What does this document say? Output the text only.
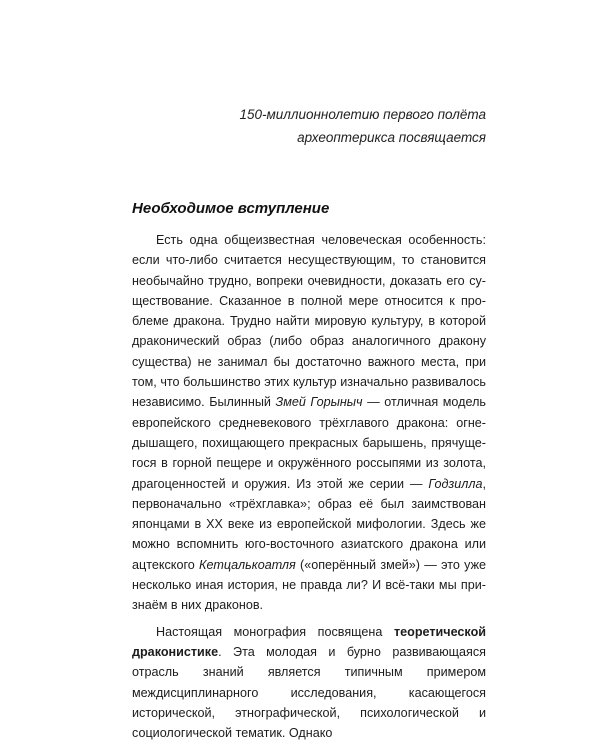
150-миллионнолетию первого полёта
археоптерикса посвящается
Необходимое вступление

Есть одна общеизвестная человеческая особенность: если что-либо считается несуществующим, то становится необычайно трудно, вопреки очевидности, доказать его существование. Сказанное в полной мере относится к проблеме дракона. Трудно найти мировую культуру, в которой драконический образ (либо образ аналогичного дракону существа) не занимал бы достаточно важного места, при том, что большинство этих культур изначально развивалось независимо. Былинный Змей Горыныч — отличная модель европейского средневекового трёхглавого дракона: огнедышащего, похищающего прекрасных барышень, прячущегося в горной пещере и окружённого россыпями из золота, драгоценностей и оружия. Из этой же серии — Годзилла, первоначально «трёхглавка»; образ её был заимствован японцами в XX веке из европейской мифологии. Здесь же можно вспомнить юго-восточного азиатского дракона или ацтекского Кетцалькоатля («оперённый змей») — это уже несколько иная история, не правда ли? И всё-таки мы признаём в них драконов.

Настоящая монография посвящена теоретической драконистике. Эта молодая и бурно развивающаяся отрасль знаний является типичным примером междисциплинарного исследования, касающегося исторической, этнографической, психологической и социологической тематик. Однако
